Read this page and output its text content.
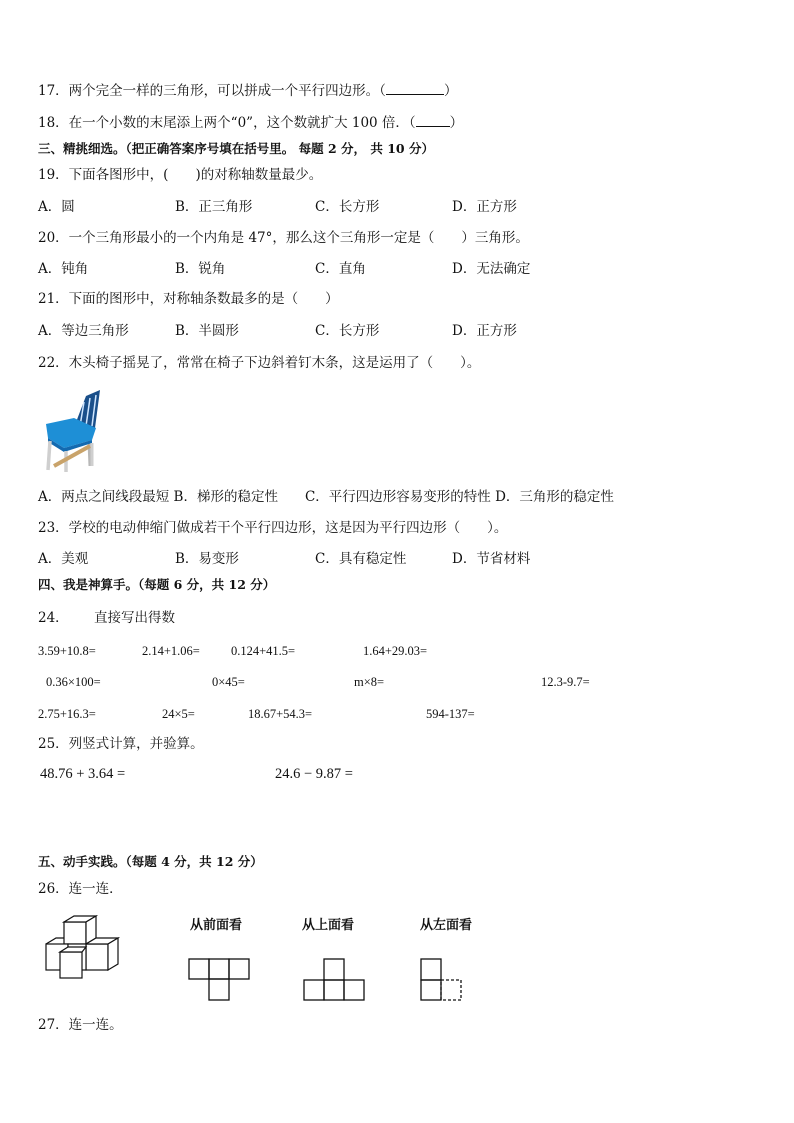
17．两个完全一样的三角形，可以拼成一个平行四边形。（	）
18．在一个小数的末尾添上两个“0”，这个数就扩大 100 倍．（	）
三、精挑细选。（把正确答案序号填在括号里。 每题 2 分， 共 10 分）
19．下面各图形中，(　　)的对称轴数量最少。
A．圆	B．正三角形	C．长方形	D．正方形
20．一个三角形最小的一个内角是 47°，那么这个三角形一定是（　　）三角形。
A．钝角	B．锐角	C．直角	D．无法确定
21．下面的图形中，对称轴条数最多的是（　　）
A．等边三角形	B．半圆形	C．长方形	D．正方形
22．木头椅子摇晃了，常常在椅子下边斜着钉木条，这是运用了（　　）。
A．两点之间线段最短 B．梯形的稳定性　　C．平行四边形容易变形的特性 D．三角形的稳定性
23．学校的电动伸缩门做成若干个平行四边形，这是因为平行四边形（　　）。
A．美观	B．易变形	C．具有稳定性	D．节省材料
四、我是神算手。（每题 6 分，共 12 分）
24． 直接写出得数
3.59+10.8=	2.14+1.06= 0.124+41.5=	1.64+29.03=
0.36×100=	0×45=	m×8=	12.3-9.7=
2.75+16.3=	24×5=	18.67+54.3=	594-137=
25．列竖式计算，并验算。
48.76 + 3.64 =	24.6 − 9.87 =
五、动手实践。（每题 4 分，共 12 分）
26．连一连．
从前面看	从上面看	从左面看
27．连一连。
